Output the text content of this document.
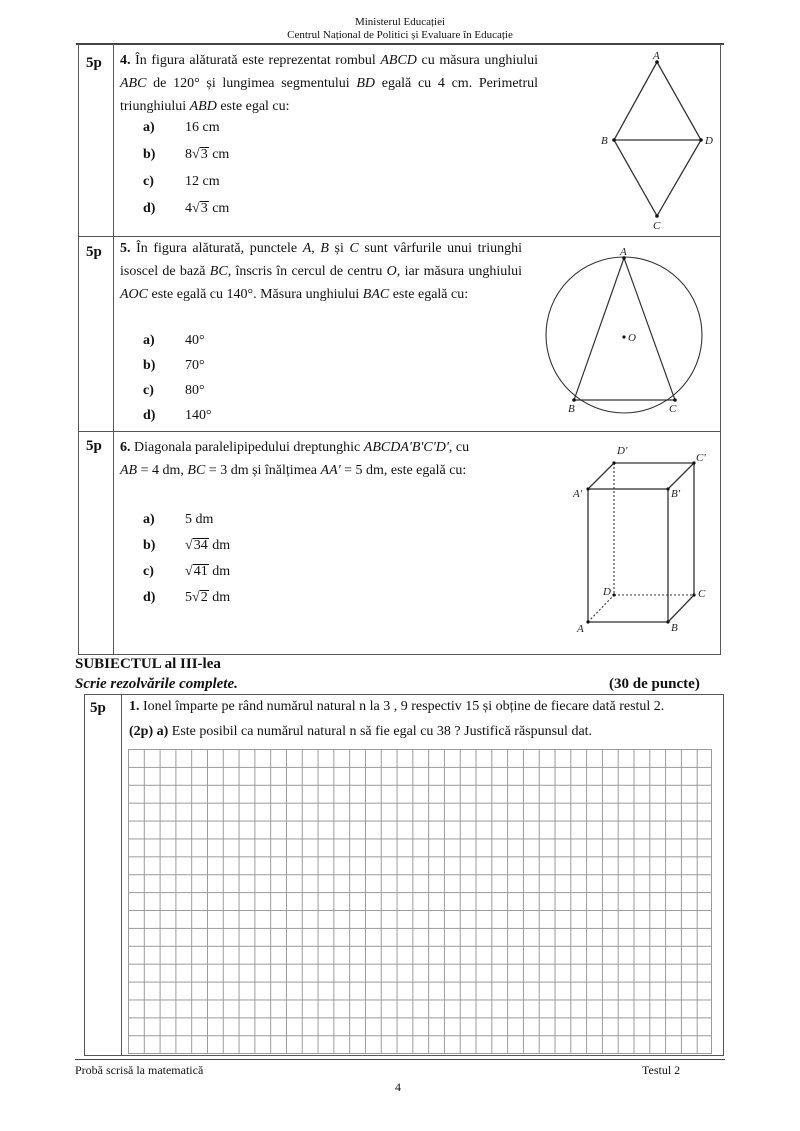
Ministerul Educației
Centrul Național de Politici și Evaluare în Educație
5p 4. În figura alăturată este reprezentat rombul ABCD cu măsura unghiului ABC de 120° și lungimea segmentului BD egală cu 4 cm. Perimetrul triunghiului ABD este egal cu:
a) 16 cm
b) 8√3 cm
c) 12 cm
d) 4√3 cm
A
B
C
D
5p 5. În figura alăturată, punctele A, B și C sunt vârfurile unui triunghi isoscel de bază BC, înscris în cercul de centru O, iar măsura unghiului AOC este egală cu 140°. Măsura unghiului BAC este egală cu:
a) 40°
b) 70°
c) 80°
d) 140°
A
B	C
O
5p 6. Diagonala paralelipipedului dreptunghic ABCDA'B'C'D', cu
AB = 4 dm, BC = 3 dm și înălțimea AA' = 5 dm, este egală cu:
a) 5 dm
b) √34 dm
c) √41 dm
d) 5√2 dm
A	B
C
D
A'	B'
C'
D'
SUBIECTUL al III-lea
Scrie rezolvările complete.	(30 de puncte)
5p 1. Ionel împarte pe rând numărul natural n la 3 , 9 respectiv 15 și obține de fiecare dată restul 2.
(2p) a) Este posibil ca numărul natural n să fie egal cu 38 ? Justifică răspunsul dat.
Probă scrisă la matematică	Testul 2
4
